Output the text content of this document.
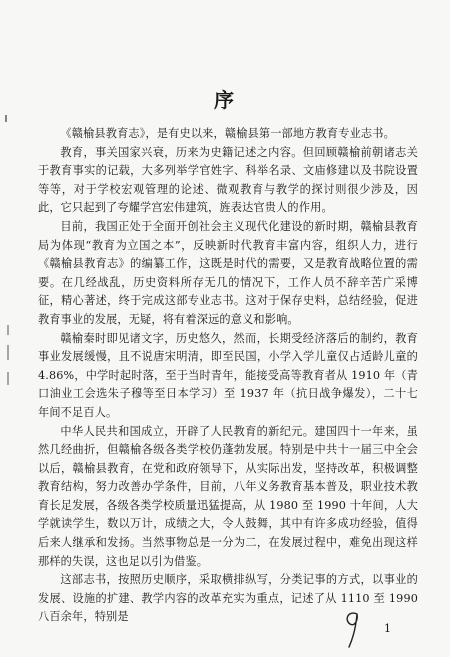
序

《赣榆县教育志》，是有史以来，赣榆县第一部地方教育专业志书。

教育，事关国家兴衰，历来为史籍记述之内容。但回顾赣榆前朝诸志关于教育事实的记载，大多列举学官姓字、科举名录、文庙修建以及书院设置等等，对于学校宏观管理的论述、微观教育与教学的探讨则很少涉及，因此，它只起到了夸耀学宫宏伟建筑，旌表达官贵人的作用。

目前，我国正处于全面开创社会主义现代化建设的新时期，赣榆县教育局为体现“教育为立国之本”，反映新时代教育丰富内容，组织人力，进行《赣榆县教育志》的编纂工作，这既是时代的需要，又是教育战略位置的需要。在几经战乱，历史资料所存无几的情况下，工作人员不辞辛苦广采博征，精心著述，终于完成这部专业志书。这对于保存史料，总结经验，促进教育事业的发展，无疑，将有着深远的意义和影响。

赣榆秦时即见诸文字，历史悠久，然而，长期受经济落后的制约，教育事业发展缓慢，且不说唐宋明清，即至民国，小学入学儿童仅占适龄儿童的 4.86%，中学时起时落，至于当时青年，能接受高等教育者从 1910 年（青口油业工会选朱子穆等至日本学习）至 1937 年（抗日战争爆发），二十七年间不足百人。

中华人民共和国成立，开辟了人民教育的新纪元。建国四十一年来，虽然几经曲折，但赣榆各级各类学校仍蓬勃发展。特别是中共十一届三中全会以后，赣榆县教育，在党和政府领导下，从实际出发，坚持改革，积极调整教育结构，努力改善办学条件，目前，八年义务教育基本普及，职业技术教育长足发展，各级各类学校质量迅猛提高，从 1980 至 1990 十年间，人大学就读学生，数以万计，成绩之大，令人鼓舞，其中有许多成功经验，值得后来人继承和发扬。当然事物总是一分为二，在发展过程中，难免出现这样那样的失误，这也足以引为借鉴。

这部志书，按照历史顺序，采取横排纵写，分类记事的方式，以事业的发展、设施的扩建、教学内容的改革充实为重点，记述了从 1110 至 1990 八百余年，特别是

1
